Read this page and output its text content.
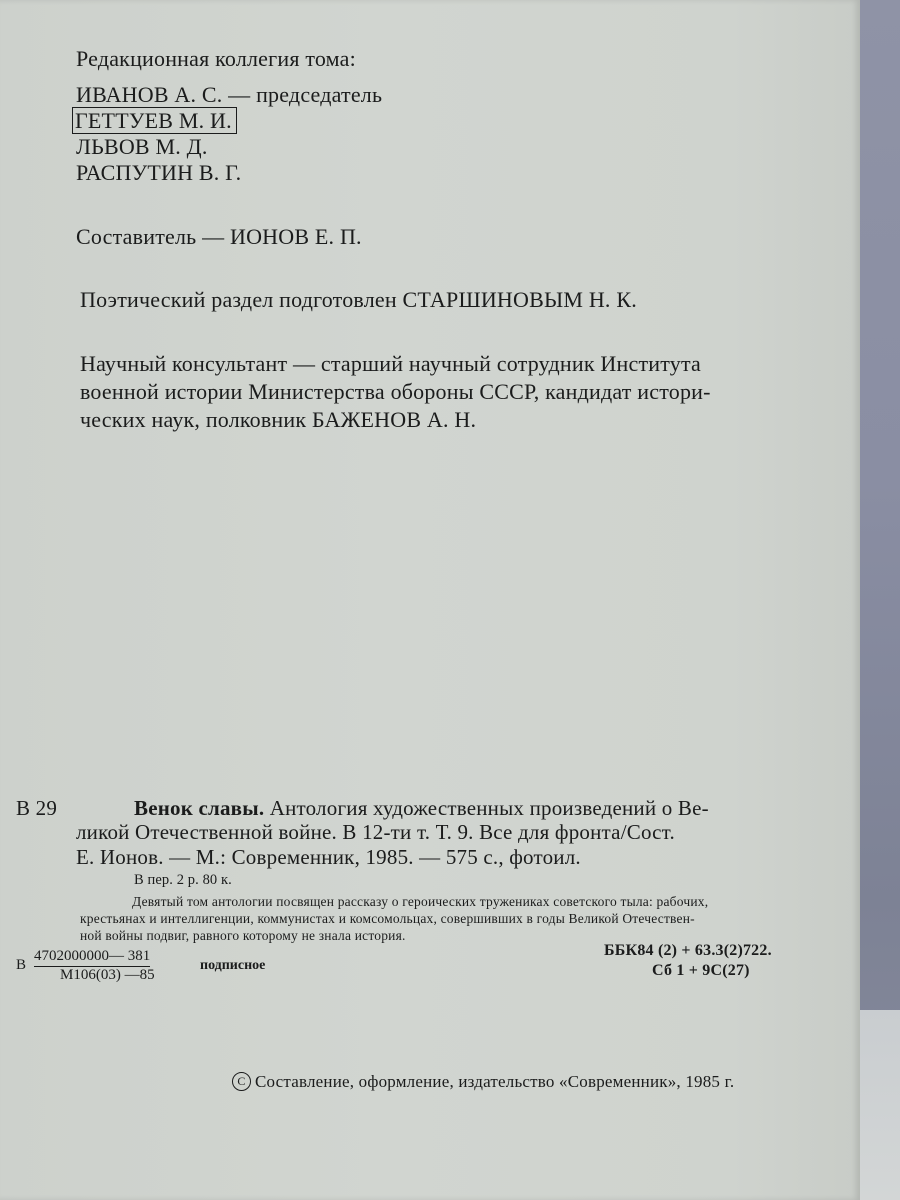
Редакционная коллегия тома:
ИВАНОВ А. С. — председатель
ГЕТТУЕВ М. И.
ЛЬВОВ М. Д.
РАСПУТИН В. Г.
Составитель — ИОНОВ Е. П.
Поэтический раздел подготовлен СТАРШИНОВЫМ Н. К.
Научный консультант — старший научный сотрудник Института
военной истории Министерства обороны СССР, кандидат истори-
ческих наук, полковник БАЖЕНОВ А. Н.
В 29	Венок славы. Антология художественных произведений о Ве-
ликой Отечественной войне. В 12-ти т. Т. 9. Все для фронта/Сост.
Е. Ионов. — М.: Современник, 1985. — 575 с., фотоил.
В пер. 2 р. 80 к.
Девятый том антологии посвящен рассказу о героических тружениках советского тыла: рабочих,
крестьянах и интеллигенции, коммунистах и комсомольцах, совершивших в годы Великой Отечествен-
ной войны подвиг, равного которому не знала история.
В
4702000000— 381
М106(03) —85
подписное
ББК84 (2) + 63.3(2)722.
Сб 1 + 9С(27)
C Составление, оформление, издательство «Современник», 1985 г.
